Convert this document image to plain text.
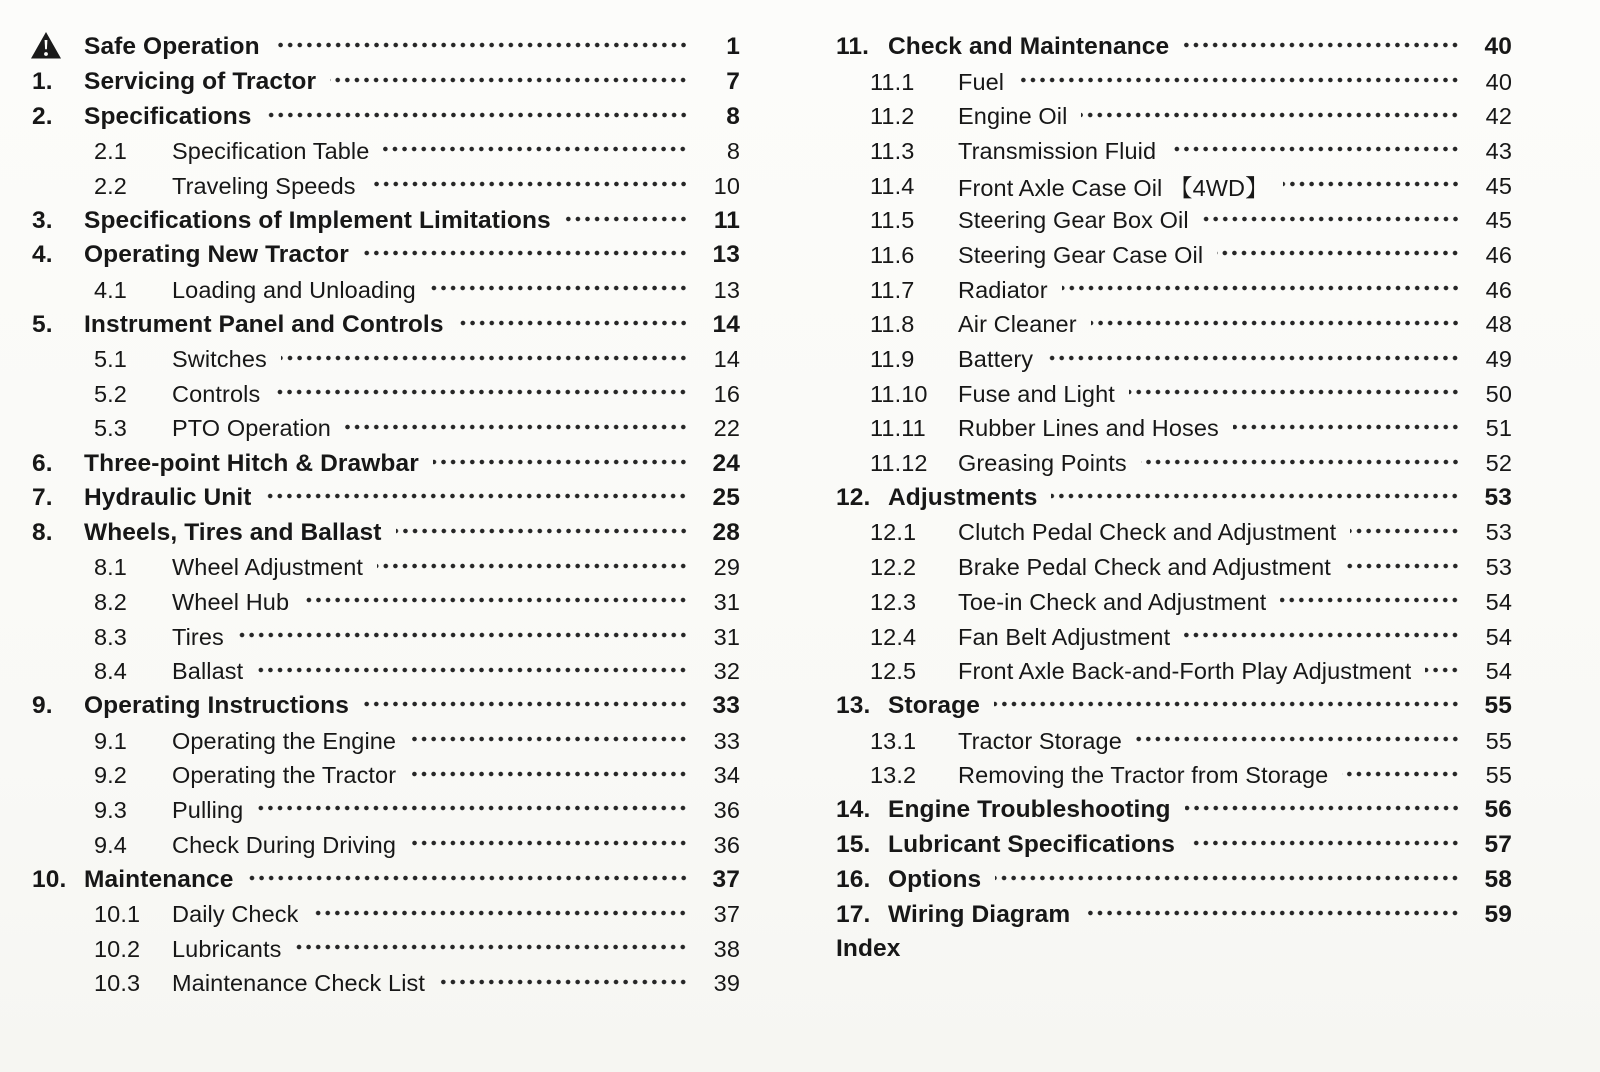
Safe Operation	1
1.	Servicing of Tractor	7
2.	Specifications	8
2.1	Specification Table	8
2.2	Traveling Speeds	10
3.	Specifications of Implement Limitations	11
4.	Operating New Tractor	13
4.1	Loading and Unloading	13
5.	Instrument Panel and Controls	14
5.1	Switches	14
5.2	Controls	16
5.3	PTO Operation	22
6.	Three-point Hitch & Drawbar	24
7.	Hydraulic Unit	25
8.	Wheels, Tires and Ballast	28
8.1	Wheel Adjustment	29
8.2	Wheel Hub	31
8.3	Tires	31
8.4	Ballast	32
9.	Operating Instructions	33
9.1	Operating the Engine	33
9.2	Operating the Tractor	34
9.3	Pulling	36
9.4	Check During Driving	36
10. Maintenance	37
10.1	Daily Check	37
10.2	Lubricants	38
10.3	Maintenance Check List	39
11. Check and Maintenance	40
11.1	Fuel	40
11.2	Engine Oil	42
11.3	Transmission Fluid	43
11.4	Front Axle Case Oil 【4WD】	45
11.5	Steering Gear Box Oil	45
11.6	Steering Gear Case Oil	46
11.7	Radiator	46
11.8	Air Cleaner	48
11.9	Battery	49
11.10	Fuse and Light	50
11.11	Rubber Lines and Hoses	51
11.12	Greasing Points	52
12. Adjustments	53
12.1	Clutch Pedal Check and Adjustment	53
12.2	Brake Pedal Check and Adjustment	53
12.3	Toe-in Check and Adjustment	54
12.4	Fan Belt Adjustment	54
12.5	Front Axle Back-and-Forth Play Adjustment	54
13. Storage	55
13.1	Tractor Storage	55
13.2	Removing the Tractor from Storage	55
14. Engine Troubleshooting	56
15. Lubricant Specifications	57
16. Options	58
17. Wiring Diagram	59
Index
